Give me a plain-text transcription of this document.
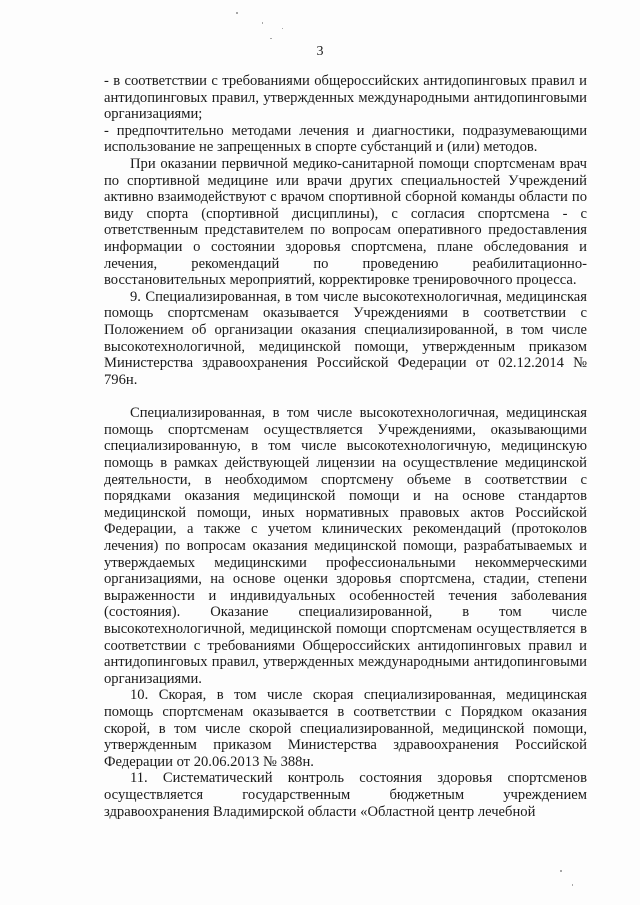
3

- в соответствии с требованиями общероссийских антидопинговых правил и антидопинговых правил, утвержденных международными антидопинговыми организациями;

- предпочтительно методами лечения и диагностики, подразумевающими использование не запрещенных в спорте субстанций и (или) методов.

При оказании первичной медико-санитарной помощи спортсменам врач по спортивной медицине или врачи других специальностей Учреждений активно взаимодействуют с врачом спортивной сборной команды области по виду спорта (спортивной дисциплины), с согласия спортсмена - с ответственным представителем по вопросам оперативного предоставления информации о состоянии здоровья спортсмена, плане обследования и лечения, рекомендаций по проведению реабилитационно-восстановительных мероприятий, корректировке тренировочного процесса.

9. Специализированная, в том числе высокотехнологичная, медицинская помощь спортсменам оказывается Учреждениями в соответствии с Положением об организации оказания специализированной, в том числе высокотехнологичной, медицинской помощи, утвержденным приказом Министерства здравоохранения Российской Федерации от 02.12.2014 № 796н.

Специализированная, в том числе высокотехнологичная, медицинская помощь спортсменам осуществляется Учреждениями, оказывающими специализированную, в том числе высокотехнологичную, медицинскую помощь в рамках действующей лицензии на осуществление медицинской деятельности, в необходимом спортсмену объеме в соответствии с порядками оказания медицинской помощи и на основе стандартов медицинской помощи, иных нормативных правовых актов Российской Федерации, а также с учетом клинических рекомендаций (протоколов лечения) по вопросам оказания медицинской помощи, разрабатываемых и утверждаемых медицинскими профессиональными некоммерческими организациями, на основе оценки здоровья спортсмена, стадии, степени выраженности и индивидуальных особенностей течения заболевания (состояния). Оказание специализированной, в том числе высокотехнологичной, медицинской помощи спортсменам осуществляется в соответствии с требованиями Общероссийских антидопинговых правил и антидопинговых правил, утвержденных международными антидопинговыми организациями.

10. Скорая, в том числе скорая специализированная, медицинская помощь спортсменам оказывается в соответствии с Порядком оказания скорой, в том числе скорой специализированной, медицинской помощи, утвержденным приказом Министерства здравоохранения Российской Федерации от 20.06.2013 № 388н.

11. Систематический контроль состояния здоровья спортсменов осуществляется государственным бюджетным учреждением здравоохранения Владимирской области «Областной центр лечебной
